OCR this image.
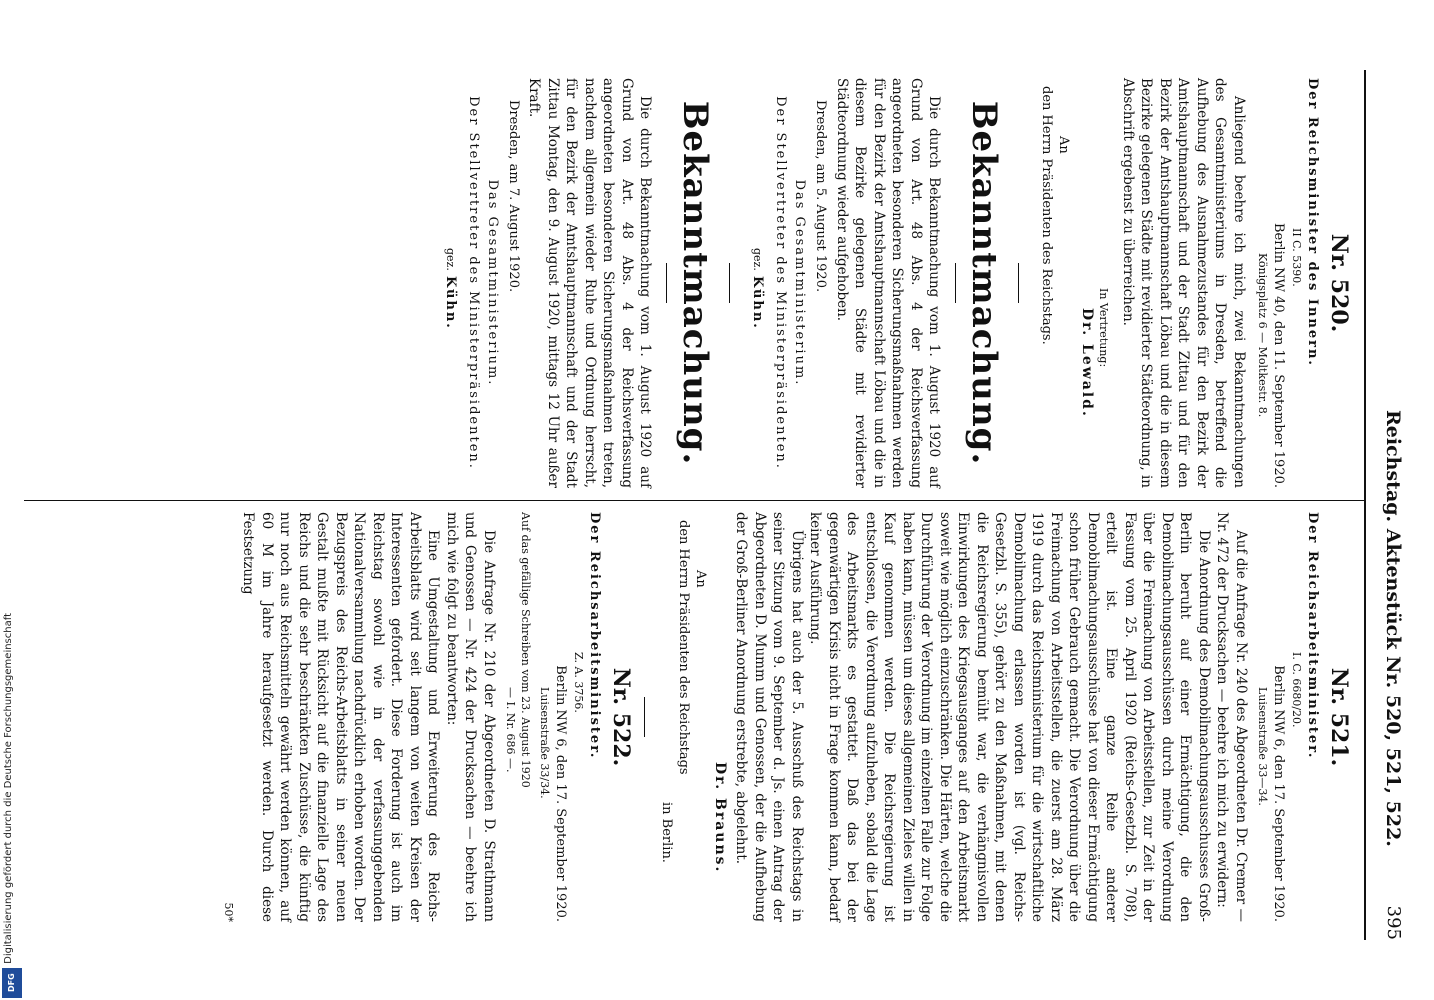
Reichstag. Aktenstück Nr. 520, 521, 522.
395
Nr. 520.
Der Reichsminister des Innern.
II C. 5390.
Berlin NW 40, den 11. September 1920.
Königsplatz 6 — Moltkestr. 8.

Anliegend beehre ich mich, zwei Bekanntmachungen des Gesamtministeriums in Dresden, betreffend die Aufhebung des Ausnahmezustandes für den Bezirk der Amtshauptmannschaft und der Stadt Zittau und für den Bezirk der Amtshauptmannschaft Löbau und die in diesem Bezirke gelegenen Städte mit revidierter Städteordnung, in Abschrift ergebenst zu überreichen.

In Vertretung:
Dr. Lewald.
An
den Herrn Präsidenten des Reichstags.
Bekanntmachung.

Die durch Bekanntmachung vom 1. August 1920 auf Grund von Art. 48 Abs. 4 der Reichsverfassung angeordneten besonderen Sicherungsmaßnahmen werden für den Bezirk der Amtshauptmannschaft Löbau und die in diesem Bezirke gelegenen Städte mit revidierter Städteordnung wieder aufgehoben.

Dresden, am 5. August 1920.
Das Gesamtministerium.
Der Stellvertreter des Ministerpräsidenten.
gez. Kühn.
Bekanntmachung.

Die durch Bekanntmachung vom 1. August 1920 auf Grund von Art. 48 Abs. 4 der Reichsverfassung angeordneten besonderen Sicherungsmaßnahmen treten, nachdem allgemein wieder Ruhe und Ordnung herrscht, für den Bezirk der Amtshauptmannschaft und der Stadt Zittau Montag, den 9. August 1920, mittags 12 Uhr außer Kraft.

Dresden, am 7. August 1920.
Das Gesamtministerium.
Der Stellvertreter des Ministerpräsidenten.
gez. Kühn.
Nr. 521.
Der Reichsarbeitsminister.
I. C. 6680/20.
Berlin NW 6, den 17. September 1920.
Luisenstraße 33—34.

Auf die Anfrage Nr. 240 des Abgeordneten Dr. Cremer — Nr. 472 der Drucksachen — beehre ich mich zu erwidern:

Die Anordnung des Demobilmachungsausschusses Groß-Berlin beruht auf einer Ermächtigung, die den Demobilmachungsausschüssen durch meine Verordnung über die Freimachung von Arbeitsstellen, zur Zeit in der Fassung vom 25. April 1920 (Reichs-Gesetzbl. S. 708), erteilt ist. Eine ganze Reihe anderer Demobilmachungsausschüsse hat von dieser Ermächtigung schon früher Gebrauch gemacht. Die Verordnung über die Freimachung von Arbeitsstellen, die zuerst am 28. März 1919 durch das Reichsministerium für die wirtschaftliche Demobilmachung erlassen worden ist (vgl. Reichs-Gesetzbl. S. 355), gehört zu den Maßnahmen, mit denen die Reichsregierung bemüht war, die verhängnisvollen Einwirkungen des Kriegsausganges auf den Arbeitsmarkt soweit wie möglich einzuschränken. Die Härten, welche die Durchführung der Verordnung im einzelnen Falle zur Folge haben kann, müssen um dieses allgemeinen Zieles willen in Kauf genommen werden. Die Reichsregierung ist entschlossen, die Verordnung aufzuheben, sobald die Lage des Arbeitsmarkts es gestattet. Daß das bei der gegenwärtigen Krisis nicht in Frage kommen kann, bedarf keiner Ausführung.

Übrigens hat auch der 5. Ausschuß des Reichstags in seiner Sitzung vom 9. September d. Js. einen Antrag der Abgeordneten D. Mumm und Genossen, der die Aufhebung der Groß-Berliner Anordnung erstrebte, abgelehnt.

Dr. Brauns.
An
den Herrn Präsidenten des Reichstags
in Berlin.
Nr. 522.
Der Reichsarbeitsminister.
Z. A. 3756.
Berlin NW 6, den 17. September 1920.
Luisenstraße 33/34.
Auf das gefällige Schreiben vom 23. August 1920
— I. Nr. 686 —.

Die Anfrage Nr. 210 der Abgeordneten D. Strathmann und Genossen — Nr. 424 der Drucksachen — beehre ich mich wie folgt zu beantworten:

Eine Umgestaltung und Erweiterung des Reichs-Arbeitsblatts wird seit langem von weiten Kreisen der Interessenten gefordert. Diese Forderung ist auch im Reichstag sowohl wie in der verfassunggebenden Nationalversammlung nachdrücklich erhoben worden. Der Bezugspreis des Reichs-Arbeitsblatts in seiner neuen Gestalt mußte mit Rücksicht auf die finanzielle Lage des Reichs und die sehr beschränkten Zuschüsse, die künftig nur noch aus Reichsmitteln gewährt werden können, auf 60 M im Jahre heraufgesetzt werden. Durch diese Festsetzung

50*
Digitalisierung gefördert durch die Deutsche Forschungsgemeinschaft
DFG
